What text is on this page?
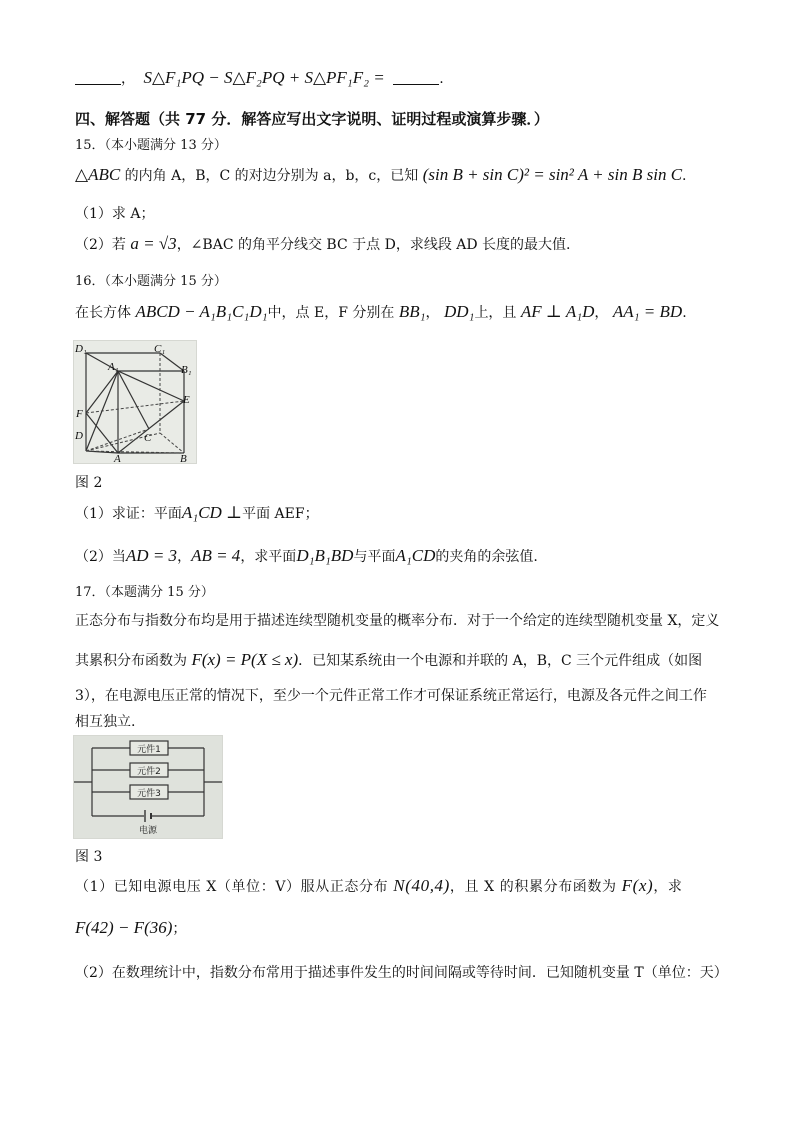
， S△F₁PQ − S△F₂PQ + S△PF₁F₂ =	.
四、解答题（共 77 分．解答应写出文字说明、证明过程或演算步骤．）
15．（本小题满分 13 分）
△ABC 的内角 A，B，C 的对边分别为 a，b，c，已知 (sin B + sin C)² = sin² A + sin B sin C.
（1）求 A；
（2）若 a = √3，∠BAC 的角平分线交 BC 于点 D，求线段 AD 长度的最大值.
16．（本小题满分 15 分）
在长方体 ABCD − A₁B₁C₁D₁中，点 E，F 分别在 BB₁， DD₁上，且 AF ⊥ A₁D， AA₁ = BD.
D₁	C₁
A₁	B₁
E
F
C
D
A	B
图 2
（1）求证：平面A₁CD ⊥平面 AEF；
（2）当AD = 3，AB = 4，求平面D₁B₁BD与平面A₁CD的夹角的余弦值.
17．（本题满分 15 分）
正态分布与指数分布均是用于描述连续型随机变量的概率分布．对于一个给定的连续型随机变量 X，定义
其累积分布函数为 F(x) = P(X ≤ x)．已知某系统由一个电源和并联的 A，B，C 三个元件组成（如图
3），在电源电压正常的情况下，至少一个元件正常工作才可保证系统正常运行，电源及各元件之间工作
相互独立.
元件1
元件2
元件3
电源
图 3
（1）已知电源电压 X（单位：V）服从正态分布 N(40,4)，且 X 的积累分布函数为 F(x)，求
F(42) − F(36)；
（2）在数理统计中，指数分布常用于描述事件发生的时间间隔或等待时间．已知随机变量 T（单位：天）
